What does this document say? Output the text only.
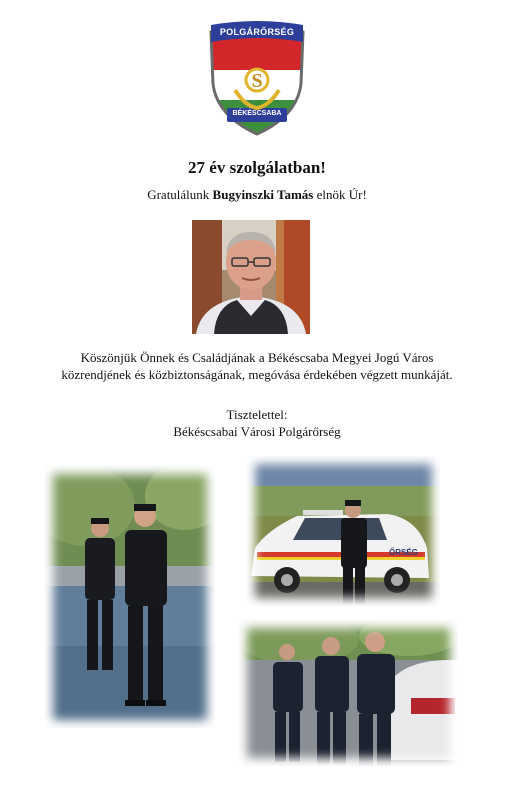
S
POLGÁRŐRSÉG
BÉKÉSCSABA
27 év szolgálatban!
Gratulálunk Bugyinszki Tamás elnök Úr!
Köszönjük Önnek és Családjának a Békéscsaba Megyei Jogú Város
közrendjének és közbiztonságának, megóvása érdekében végzett munkáját.
Tisztelettel:
Békéscsabai Városi Polgárőrség
ŐRSÉG
